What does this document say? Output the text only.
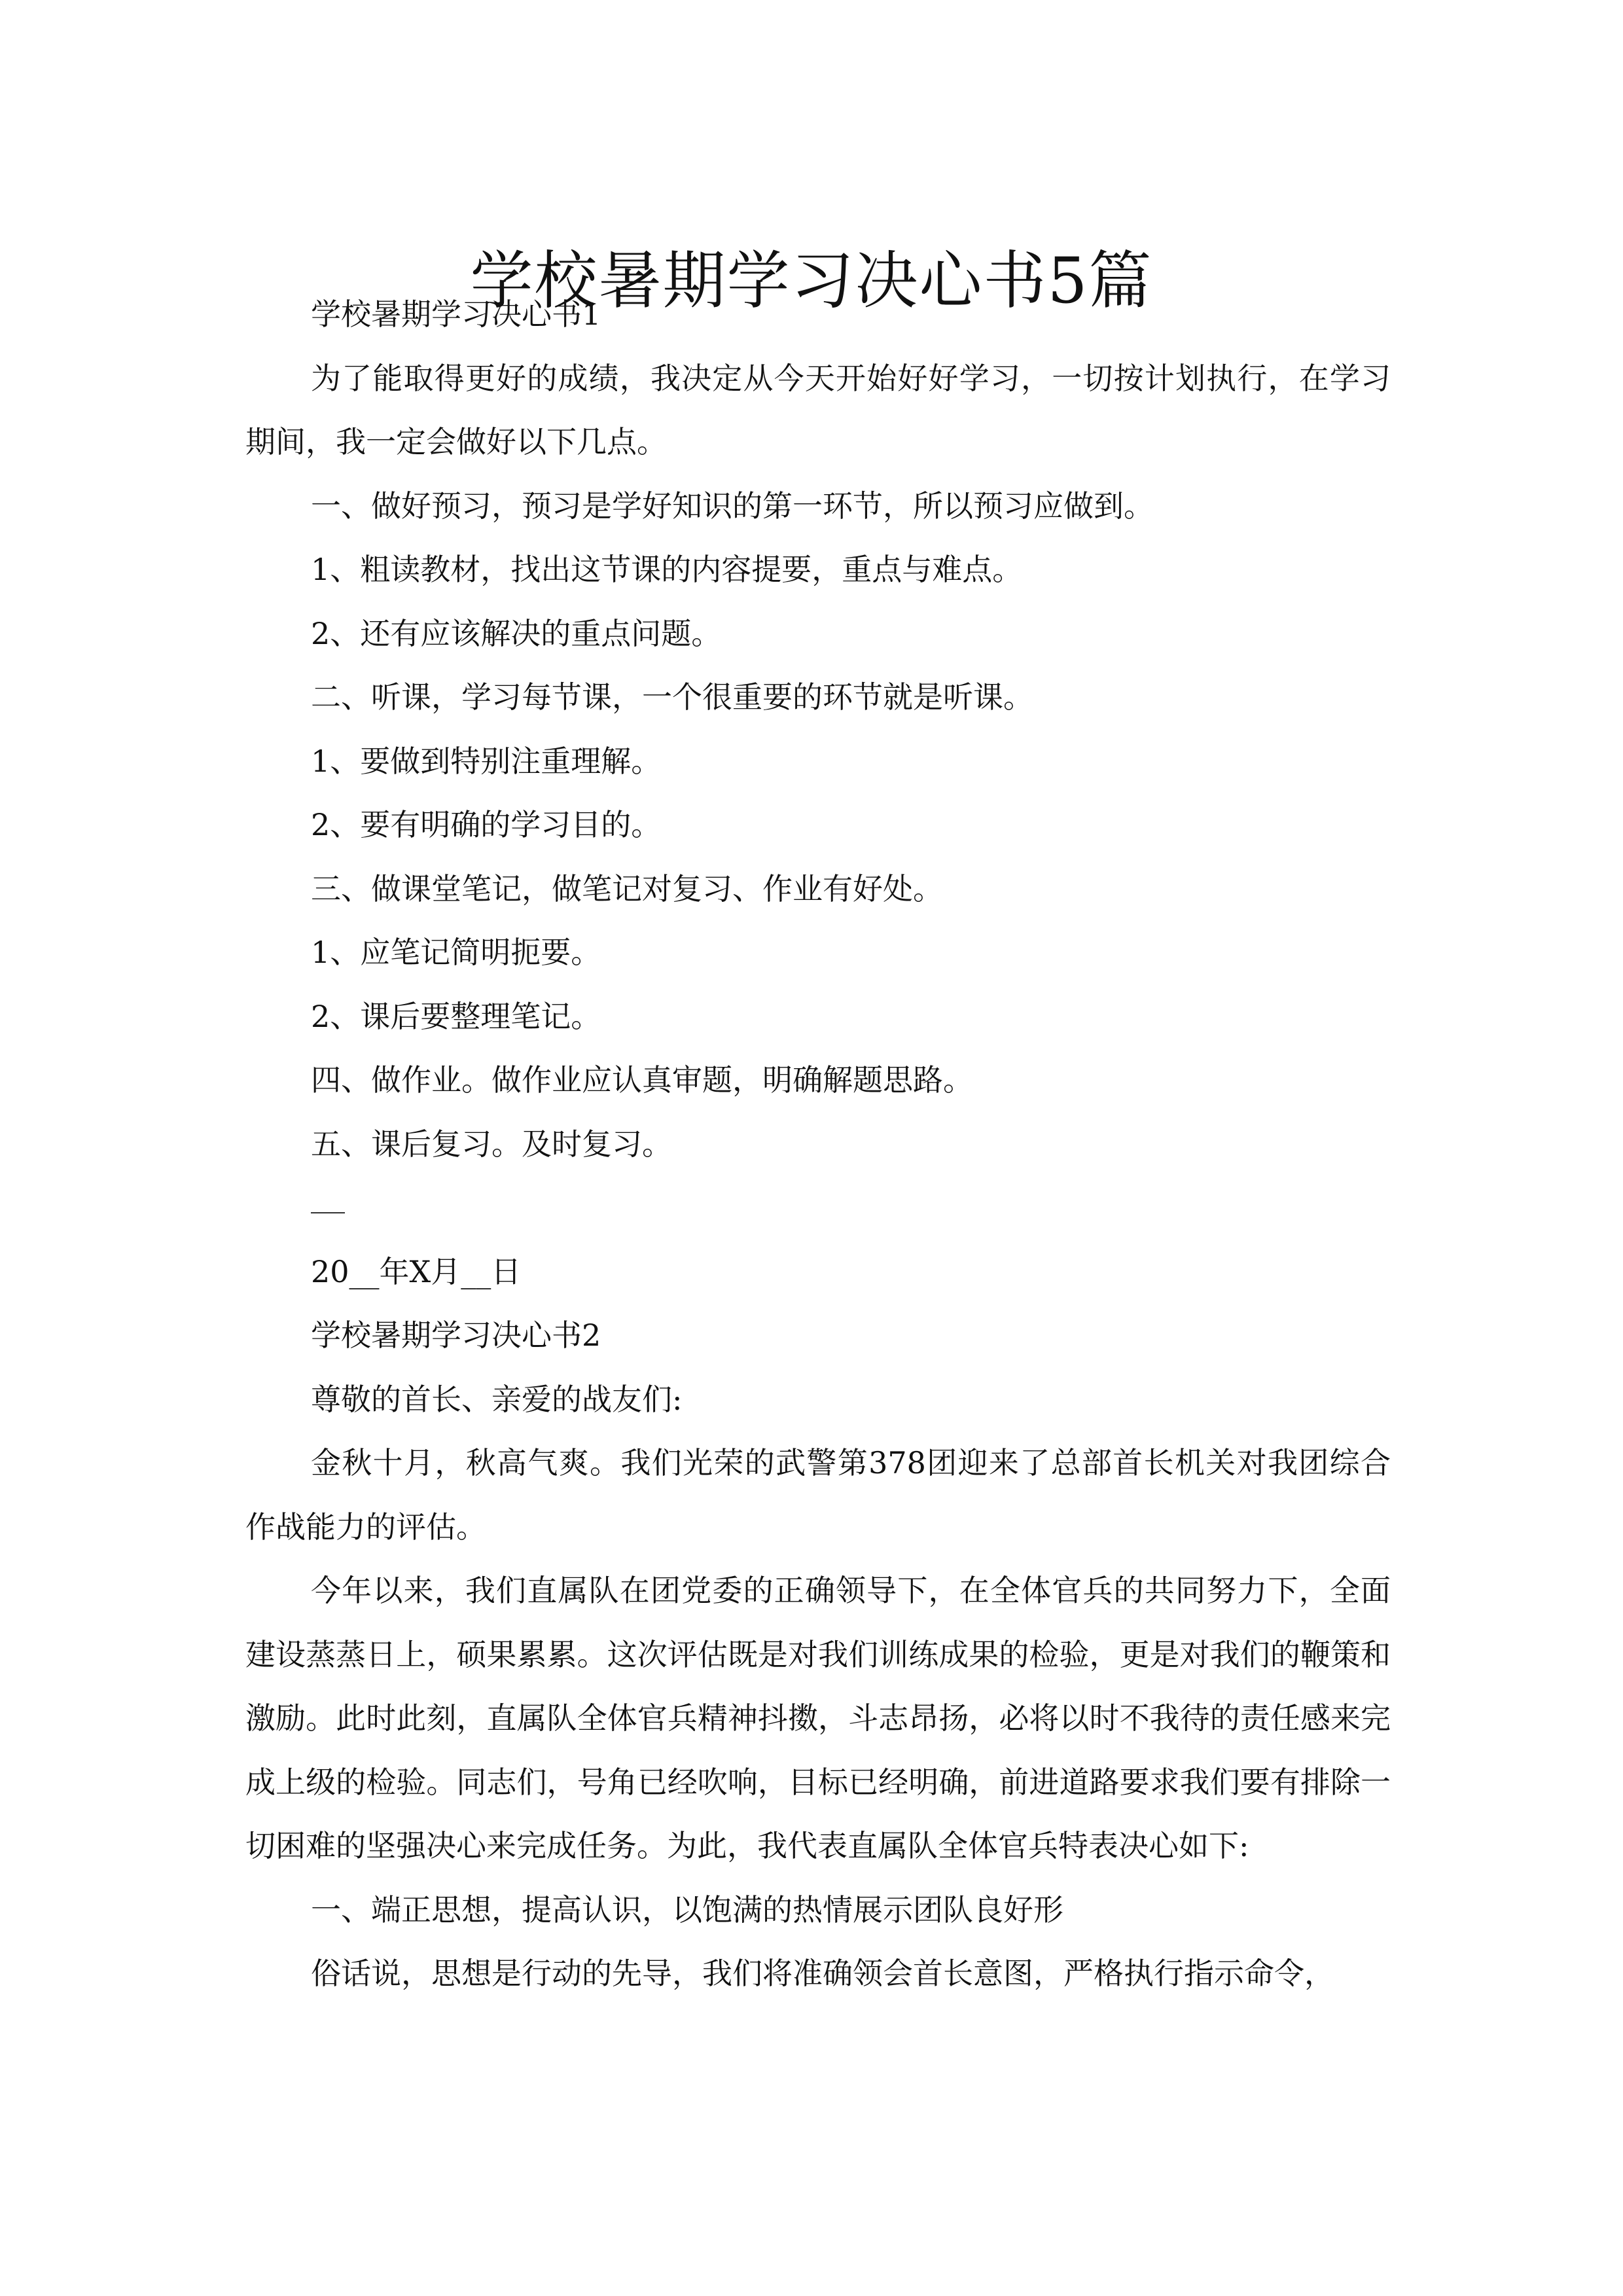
学校暑期学习决心书5篇

学校暑期学习决心书1

为了能取得更好的成绩，我决定从今天开始好好学习，一切按计划执行，在学习期间，我一定会做好以下几点。

一、做好预习，预习是学好知识的第一环节，所以预习应做到。

1、粗读教材，找出这节课的内容提要，重点与难点。

2、还有应该解决的重点问题。

二、听课，学习每节课，一个很重要的环节就是听课。

1、要做到特别注重理解。

2、要有明确的学习目的。

三、做课堂笔记，做笔记对复习、作业有好处。

1、应笔记简明扼要。

2、课后要整理笔记。

四、做作业。做作业应认真审题，明确解题思路。

五、课后复习。及时复习。

20__年X月__日

学校暑期学习决心书2

尊敬的首长、亲爱的战友们:

金秋十月，秋高气爽。我们光荣的武警第378团迎来了总部首长机关对我团综合作战能力的评估。

今年以来，我们直属队在团党委的正确领导下，在全体官兵的共同努力下，全面建设蒸蒸日上，硕果累累。这次评估既是对我们训练成果的检验，更是对我们的鞭策和激励。此时此刻，直属队全体官兵精神抖擞，斗志昂扬，必将以时不我待的责任感来完成上级的检验。同志们，号角已经吹响，目标已经明确，前进道路要求我们要有排除一切困难的坚强决心来完成任务。为此，我代表直属队全体官兵特表决心如下:

一、端正思想，提高认识，以饱满的热情展示团队良好形

俗话说，思想是行动的先导，我们将准确领会首长意图，严格执行指示命令，
